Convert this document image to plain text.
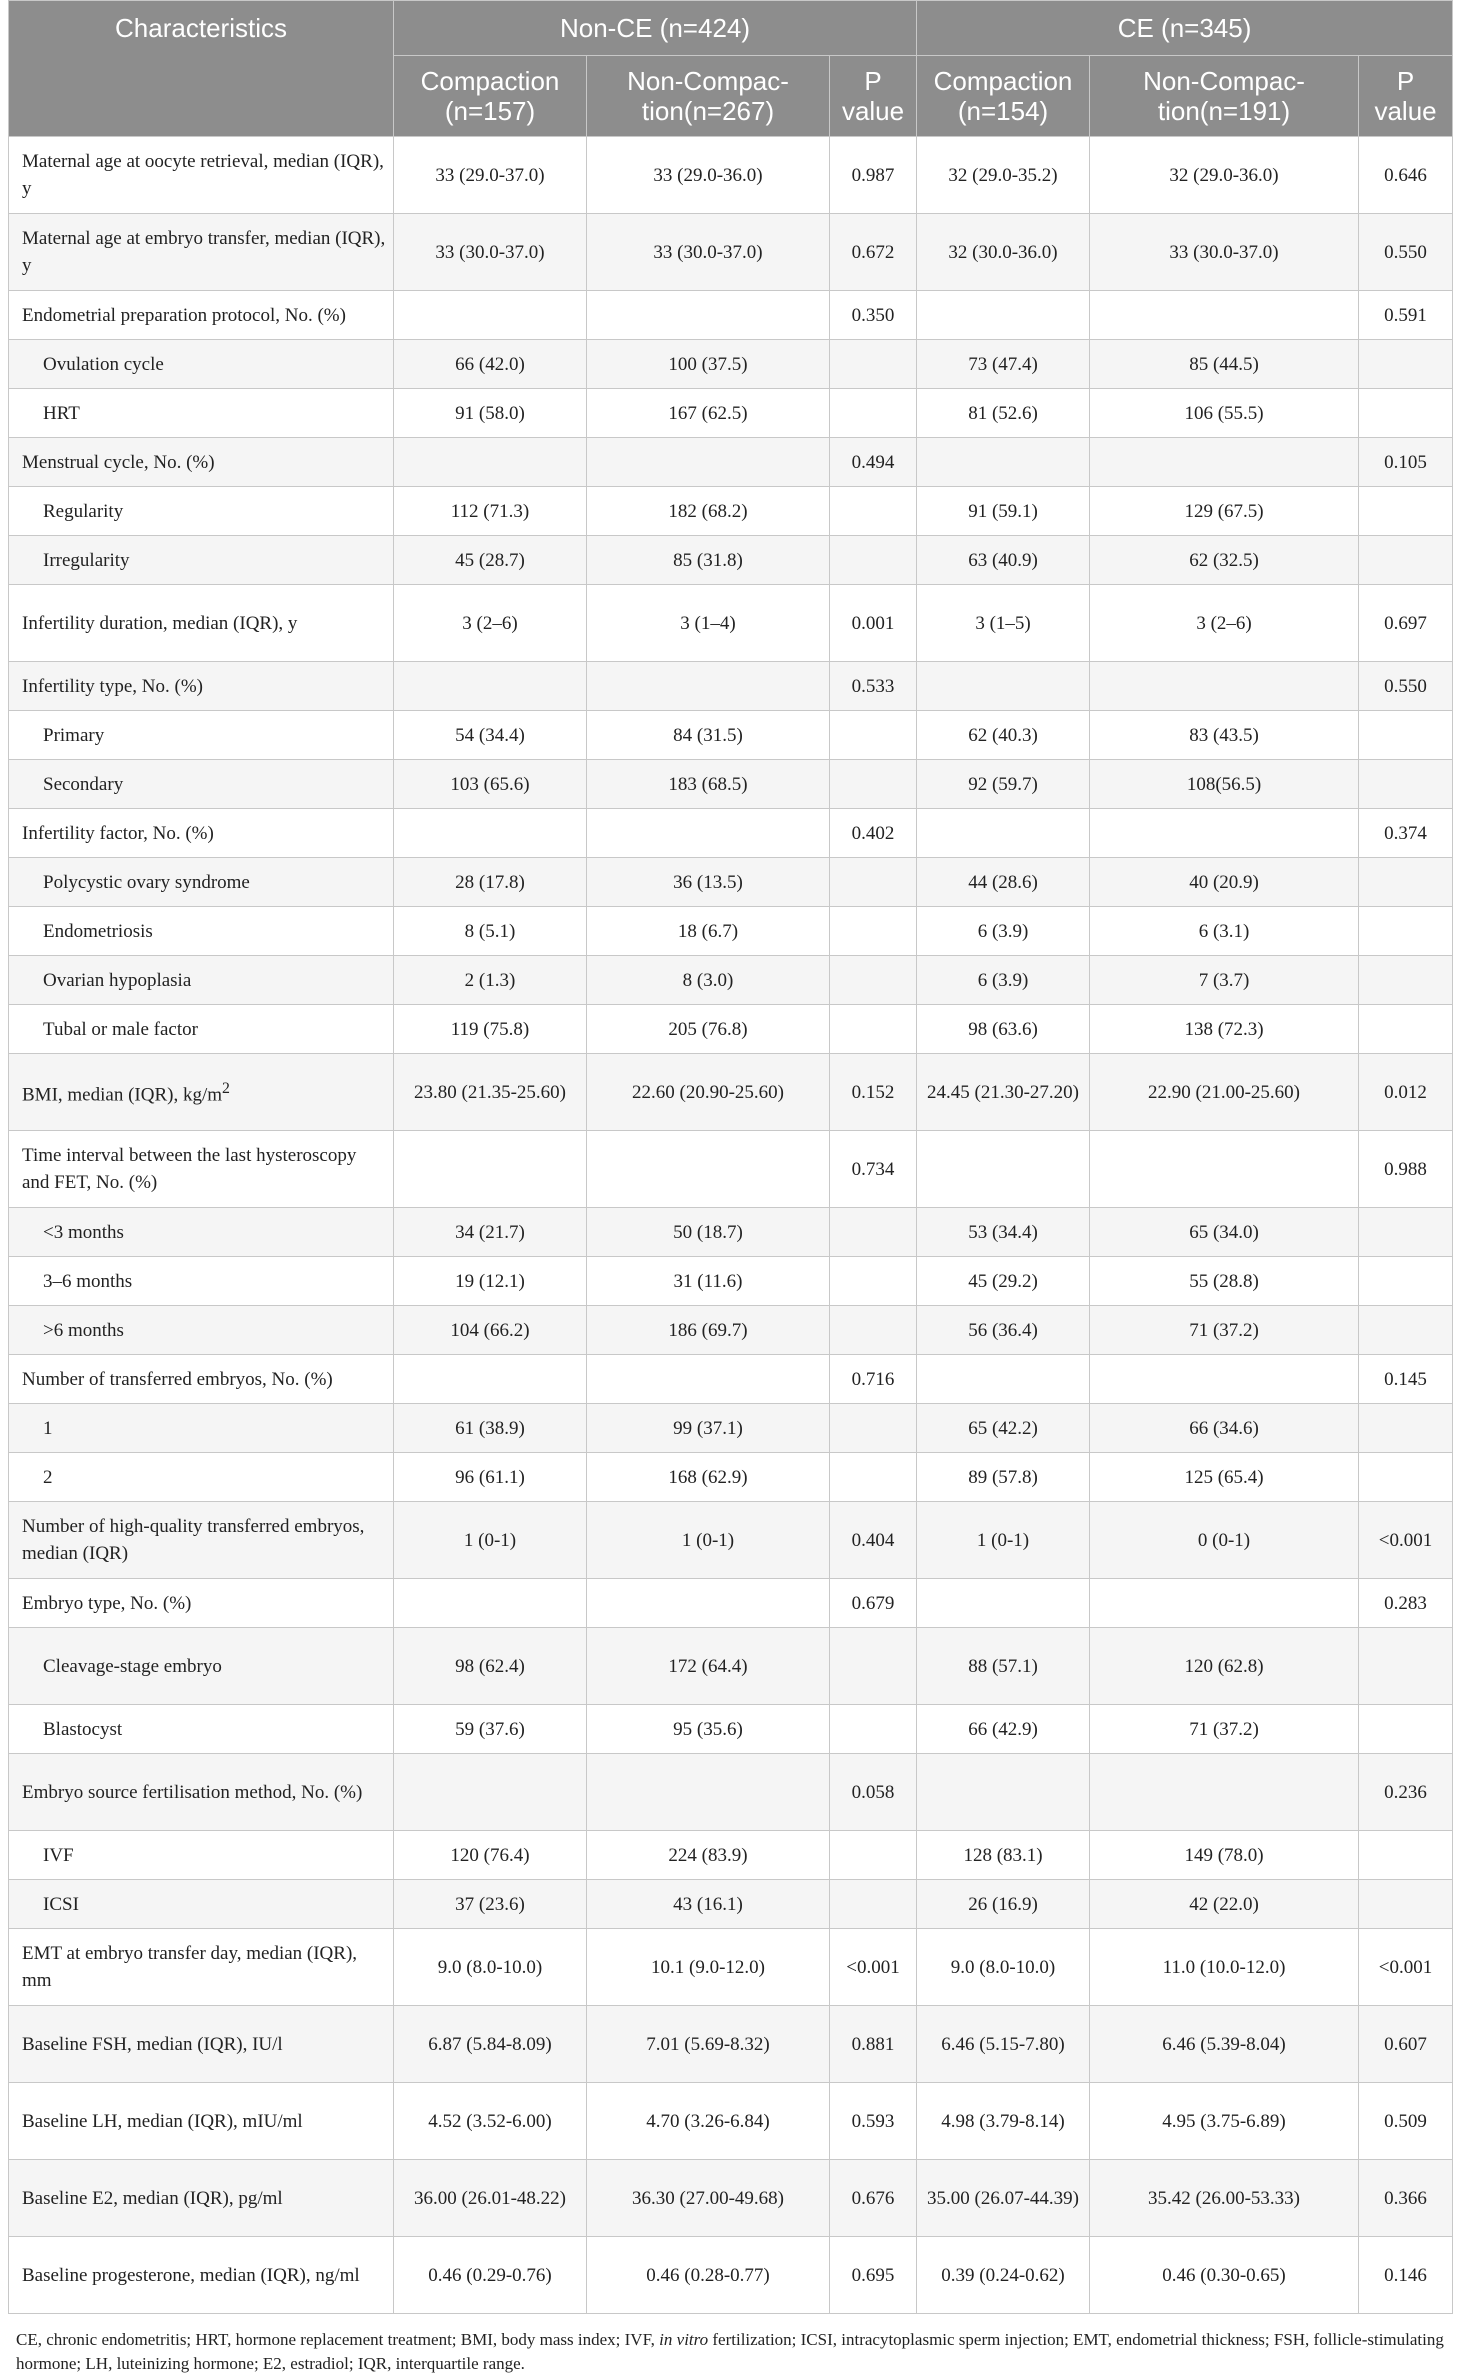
Characteristics	Non-CE (n=424)			CE (n=345)		
	Compaction (n=157)	Non-Compac-tion(n=267)	P value	Compaction (n=154)	Non-Compac-tion(n=191)	P value
Maternal age at oocyte retrieval, median (IQR), y	33 (29.0-37.0)	33 (29.0-36.0)	0.987	32 (29.0-35.2)	32 (29.0-36.0)	0.646
Maternal age at embryo transfer, median (IQR), y	33 (30.0-37.0)	33 (30.0-37.0)	0.672	32 (30.0-36.0)	33 (30.0-37.0)	0.550
Endometrial preparation protocol, No. (%)			0.350			0.591
Ovulation cycle	66 (42.0)	100 (37.5)		73 (47.4)	85 (44.5)	
HRT	91 (58.0)	167 (62.5)		81 (52.6)	106 (55.5)	
Menstrual cycle, No. (%)			0.494			0.105
Regularity	112 (71.3)	182 (68.2)		91 (59.1)	129 (67.5)	
Irregularity	45 (28.7)	85 (31.8)		63 (40.9)	62 (32.5)	
Infertility duration, median (IQR), y	3 (2–6)	3 (1–4)	0.001	3 (1–5)	3 (2–6)	0.697
Infertility type, No. (%)			0.533			0.550
Primary	54 (34.4)	84 (31.5)		62 (40.3)	83 (43.5)	
Secondary	103 (65.6)	183 (68.5)		92 (59.7)	108(56.5)	
Infertility factor, No. (%)			0.402			0.374
Polycystic ovary syndrome	28 (17.8)	36 (13.5)		44 (28.6)	40 (20.9)	
Endometriosis	8 (5.1)	18 (6.7)		6 (3.9)	6 (3.1)	
Ovarian hypoplasia	2 (1.3)	8 (3.0)		6 (3.9)	7 (3.7)	
Tubal or male factor	119 (75.8)	205 (76.8)		98 (63.6)	138 (72.3)	
BMI, median (IQR), $kg/m^2$	23.80 (21.35-25.60)	22.60 (20.90-25.60)	0.152	24.45 (21.30-27.20)	22.90 (21.00-25.60)	0.012
Time interval between the last hysteroscopy and FET, No. (%)			0.734			0.988
<3 months	34 (21.7)	50 (18.7)		53 (34.4)	65 (34.0)	
3–6 months	19 (12.1)	31 (11.6)		45 (29.2)	55 (28.8)	
>6 months	104 (66.2)	186 (69.7)		56 (36.4)	71 (37.2)	
Number of transferred embryos, No. (%)			0.716			0.145
1	61 (38.9)	99 (37.1)		65 (42.2)	66 (34.6)	
2	96 (61.1)	168 (62.9)		89 (57.8)	125 (65.4)	
Number of high-quality transferred embryos, median (IQR)	1 (0-1)	1 (0-1)	0.404	1 (0-1)	0 (0-1)	<0.001
Embryo type, No. (%)			0.679			0.283
Cleavage-stage embryo	98 (62.4)	172 (64.4)		88 (57.1)	120 (62.8)	
Blastocyst	59 (37.6)	95 (35.6)		66 (42.9)	71 (37.2)	
Embryo source fertilisation method, No. (%)			0.058			0.236
IVF	120 (76.4)	224 (83.9)		128 (83.1)	149 (78.0)	
ICSI	37 (23.6)	43 (16.1)		26 (16.9)	42 (22.0)	
EMT at embryo transfer day, median (IQR), mm	9.0 (8.0-10.0)	10.1 (9.0-12.0)	<0.001	9.0 (8.0-10.0)	11.0 (10.0-12.0)	<0.001
Baseline FSH, median (IQR), IU/l	6.87 (5.84-8.09)	7.01 (5.69-8.32)	0.881	6.46 (5.15-7.80)	6.46 (5.39-8.04)	0.607
Baseline LH, median (IQR), mIU/ml	4.52 (3.52-6.00)	4.70 (3.26-6.84)	0.593	4.98 (3.79-8.14)	4.95 (3.75-6.89)	0.509
Baseline E2, median (IQR), pg/ml	36.00 (26.01-48.22)	36.30 (27.00-49.68)	0.676	35.00 (26.07-44.39)	35.42 (26.00-53.33)	0.366
Baseline progesterone, median (IQR), ng/ml	0.46 (0.29-0.76)	0.46 (0.28-0.77)	0.695	0.39 (0.24-0.62)	0.46 (0.30-0.65)	0.146
CE, chronic endometritis; HRT, hormone replacement treatment; BMI, body mass index; IVF, in vitro fertilization; ICSI, intracytoplasmic sperm injection; EMT, endometrial thickness; FSH, follicle-stimulating hormone; LH, luteinizing hormone; E2, estradiol; IQR, interquartile range.
